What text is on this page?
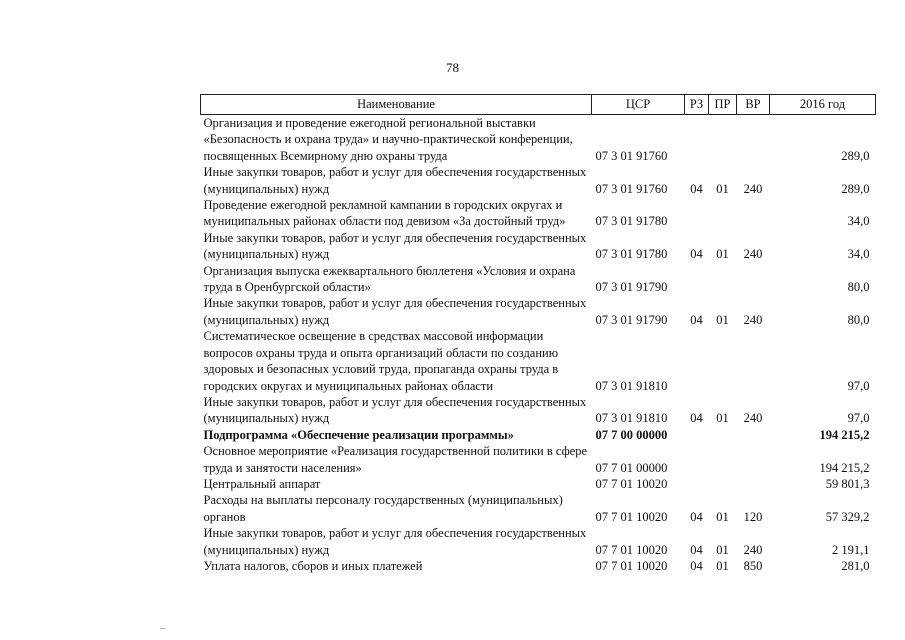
78
Наименование	ЦСР	РЗ	ПР	ВР	2016 год
Организация и проведение ежегодной региональной выставки «Безопасность и охрана труда» и научно-практической конференции, посвященных Всемирному дню охраны труда	07 3 01 91760				289,0
Иные закупки товаров, работ и услуг для обеспечения государственных (муниципальных) нужд	07 3 01 91760	04	01	240	289,0
Проведение ежегодной рекламной кампании в городских округах и муниципальных районах области под девизом «За достойный труд»	07 3 01 91780				34,0
Иные закупки товаров, работ и услуг для обеспечения государственных (муниципальных) нужд	07 3 01 91780	04	01	240	34,0
Организация выпуска ежеквартального бюллетеня «Условия и охрана труда в Оренбургской области»	07 3 01 91790				80,0
Иные закупки товаров, работ и услуг для обеспечения государственных (муниципальных) нужд	07 3 01 91790	04	01	240	80,0
Систематическое освещение в средствах массовой информации вопросов охраны труда и опыта организаций области по созданию здоровых и безопасных условий труда, пропаганда охраны труда в городских округах и муниципальных районах области	07 3 01 91810				97,0
Иные закупки товаров, работ и услуг для обеспечения государственных (муниципальных) нужд	07 3 01 91810	04	01	240	97,0
Подпрограмма «Обеспечение реализации программы»	07 7 00 00000				194 215,2
Основное мероприятие «Реализация государственной политики в сфере труда и занятости населения»	07 7 01 00000				194 215,2
Центральный аппарат	07 7 01 10020				59 801,3
Расходы на выплаты персоналу государственных (муниципальных) органов	07 7 01 10020	04	01	120	57 329,2
Иные закупки товаров, работ и услуг для обеспечения государственных (муниципальных) нужд	07 7 01 10020	04	01	240	2 191,1
Уплата налогов, сборов и иных платежей	07 7 01 10020	04	01	850	281,0
